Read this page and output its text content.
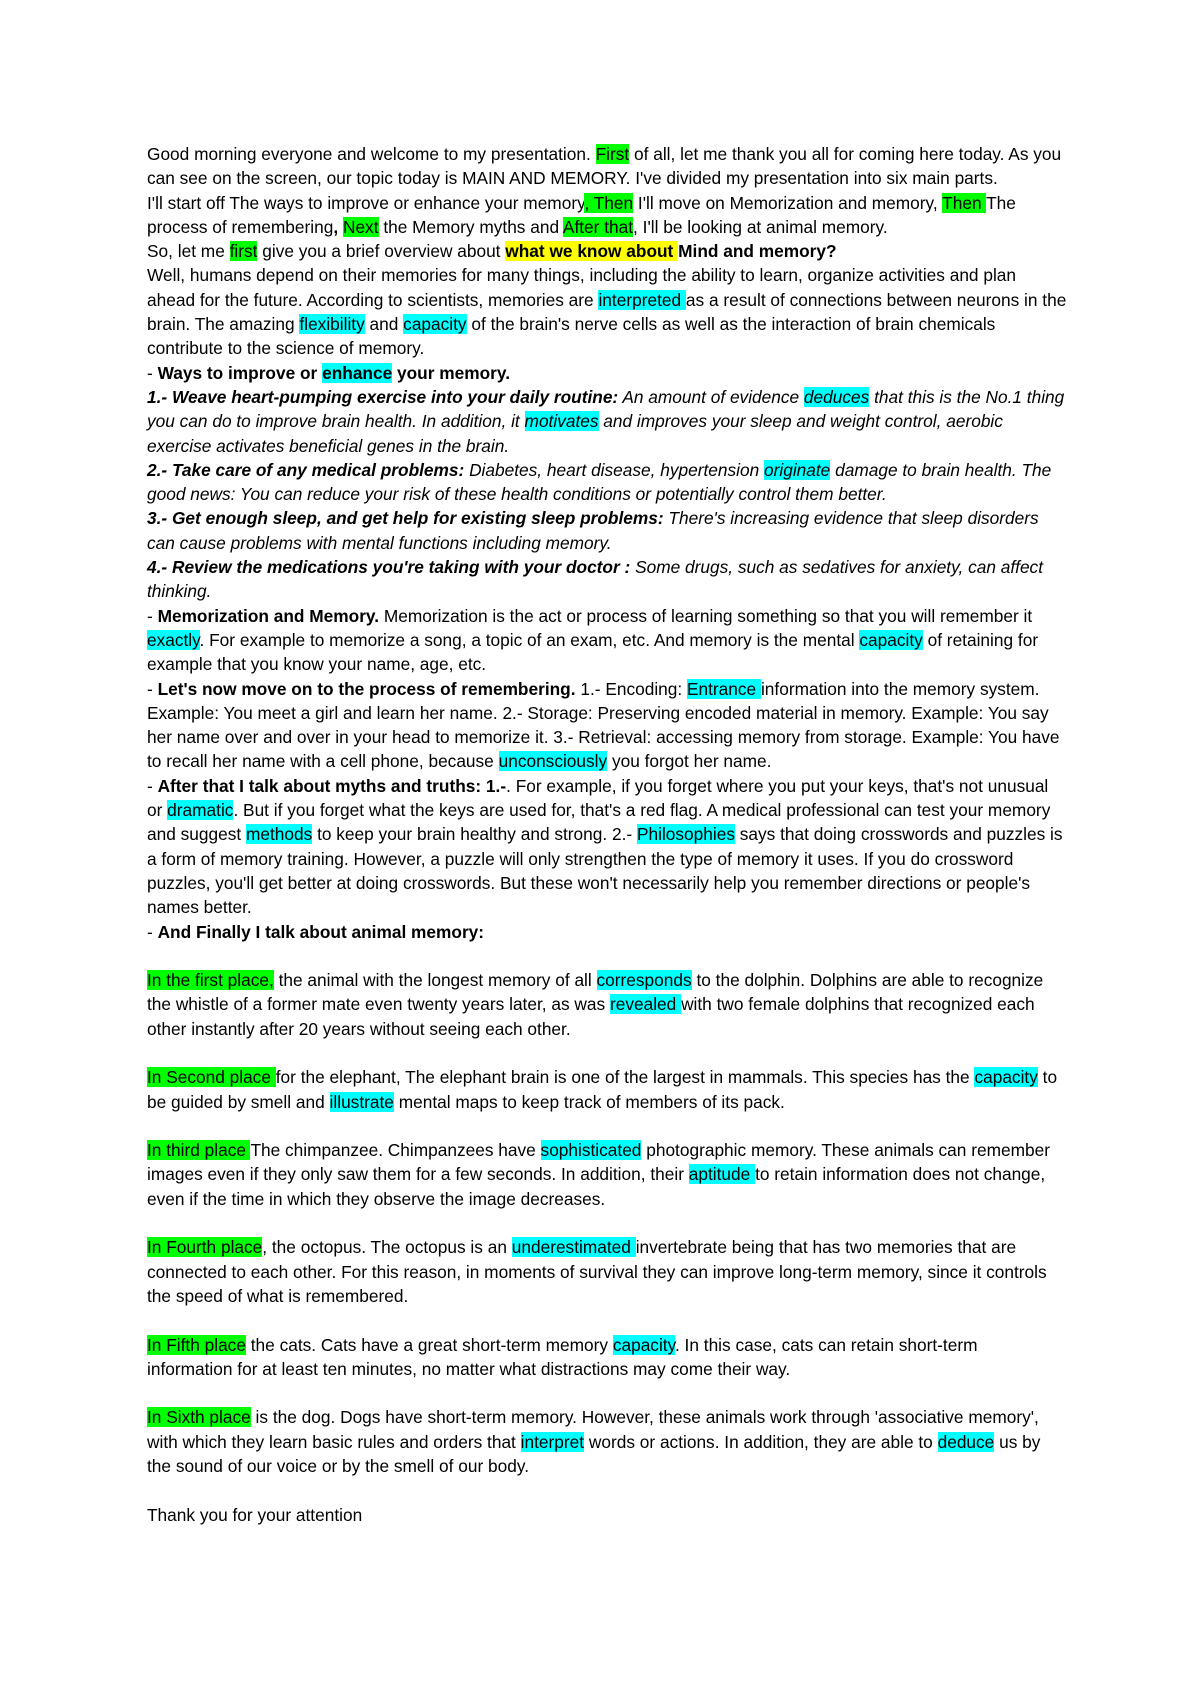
Good morning everyone and welcome to my presentation. First of all, let me thank you all for coming here today. As you can see on the screen, our topic today is MAIN AND MEMORY. I've divided my presentation into six main parts.

I'll start off The ways to improve or enhance your memory, Then I'll move on Memorization and memory, Then The process of remembering, Next the Memory myths and After that, I'll be looking at animal memory.

So, let me first give you a brief overview about what we know about Mind and memory?

Well, humans depend on their memories for many things, including the ability to learn, organize activities and plan ahead for the future. According to scientists, memories are interpreted as a result of connections between neurons in the brain. The amazing flexibility and capacity of the brain's nerve cells as well as the interaction of brain chemicals contribute to the science of memory.

- Ways to improve or enhance your memory.

1.- Weave heart-pumping exercise into your daily routine: An amount of evidence deduces that this is the No.1 thing you can do to improve brain health. In addition, it motivates and improves your sleep and weight control, aerobic exercise activates beneficial genes in the brain.

2.- Take care of any medical problems: Diabetes, heart disease, hypertension originate damage to brain health. The good news: You can reduce your risk of these health conditions or potentially control them better.

3.- Get enough sleep, and get help for existing sleep problems: There's increasing evidence that sleep disorders can cause problems with mental functions including memory.

4.- Review the medications you're taking with your doctor : Some drugs, such as sedatives for anxiety, can affect thinking.

- Memorization and Memory. Memorization is the act or process of learning something so that you will remember it exactly. For example to memorize a song, a topic of an exam, etc. And memory is the mental capacity of retaining for example that you know your name, age, etc.

- Let's now move on to the process of remembering. 1.- Encoding: Entrance information into the memory system. Example: You meet a girl and learn her name. 2.- Storage: Preserving encoded material in memory. Example: You say her name over and over in your head to memorize it. 3.- Retrieval: accessing memory from storage. Example: You have to recall her name with a cell phone, because unconsciously you forgot her name.

- After that I talk about myths and truths: 1.-. For example, if you forget where you put your keys, that's not unusual or dramatic. But if you forget what the keys are used for, that's a red flag. A medical professional can test your memory and suggest methods to keep your brain healthy and strong. 2.- Philosophies says that doing crosswords and puzzles is a form of memory training. However, a puzzle will only strengthen the type of memory it uses. If you do crossword puzzles, you'll get better at doing crosswords. But these won't necessarily help you remember directions or people's names better.

- And Finally I talk about animal memory:

In the first place, the animal with the longest memory of all corresponds to the dolphin. Dolphins are able to recognize the whistle of a former mate even twenty years later, as was revealed with two female dolphins that recognized each other instantly after 20 years without seeing each other.

In Second place for the elephant, The elephant brain is one of the largest in mammals. This species has the capacity to be guided by smell and illustrate mental maps to keep track of members of its pack.

In third place The chimpanzee. Chimpanzees have sophisticated photographic memory. These animals can remember images even if they only saw them for a few seconds. In addition, their aptitude to retain information does not change, even if the time in which they observe the image decreases.

In Fourth place, the octopus. The octopus is an underestimated invertebrate being that has two memories that are connected to each other. For this reason, in moments of survival they can improve long-term memory, since it controls the speed of what is remembered.

In Fifth place the cats. Cats have a great short-term memory capacity. In this case, cats can retain short-term information for at least ten minutes, no matter what distractions may come their way.

In Sixth place is the dog. Dogs have short-term memory. However, these animals work through 'associative memory', with which they learn basic rules and orders that interpret words or actions. In addition, they are able to deduce us by the sound of our voice or by the smell of our body.

Thank you for your attention
